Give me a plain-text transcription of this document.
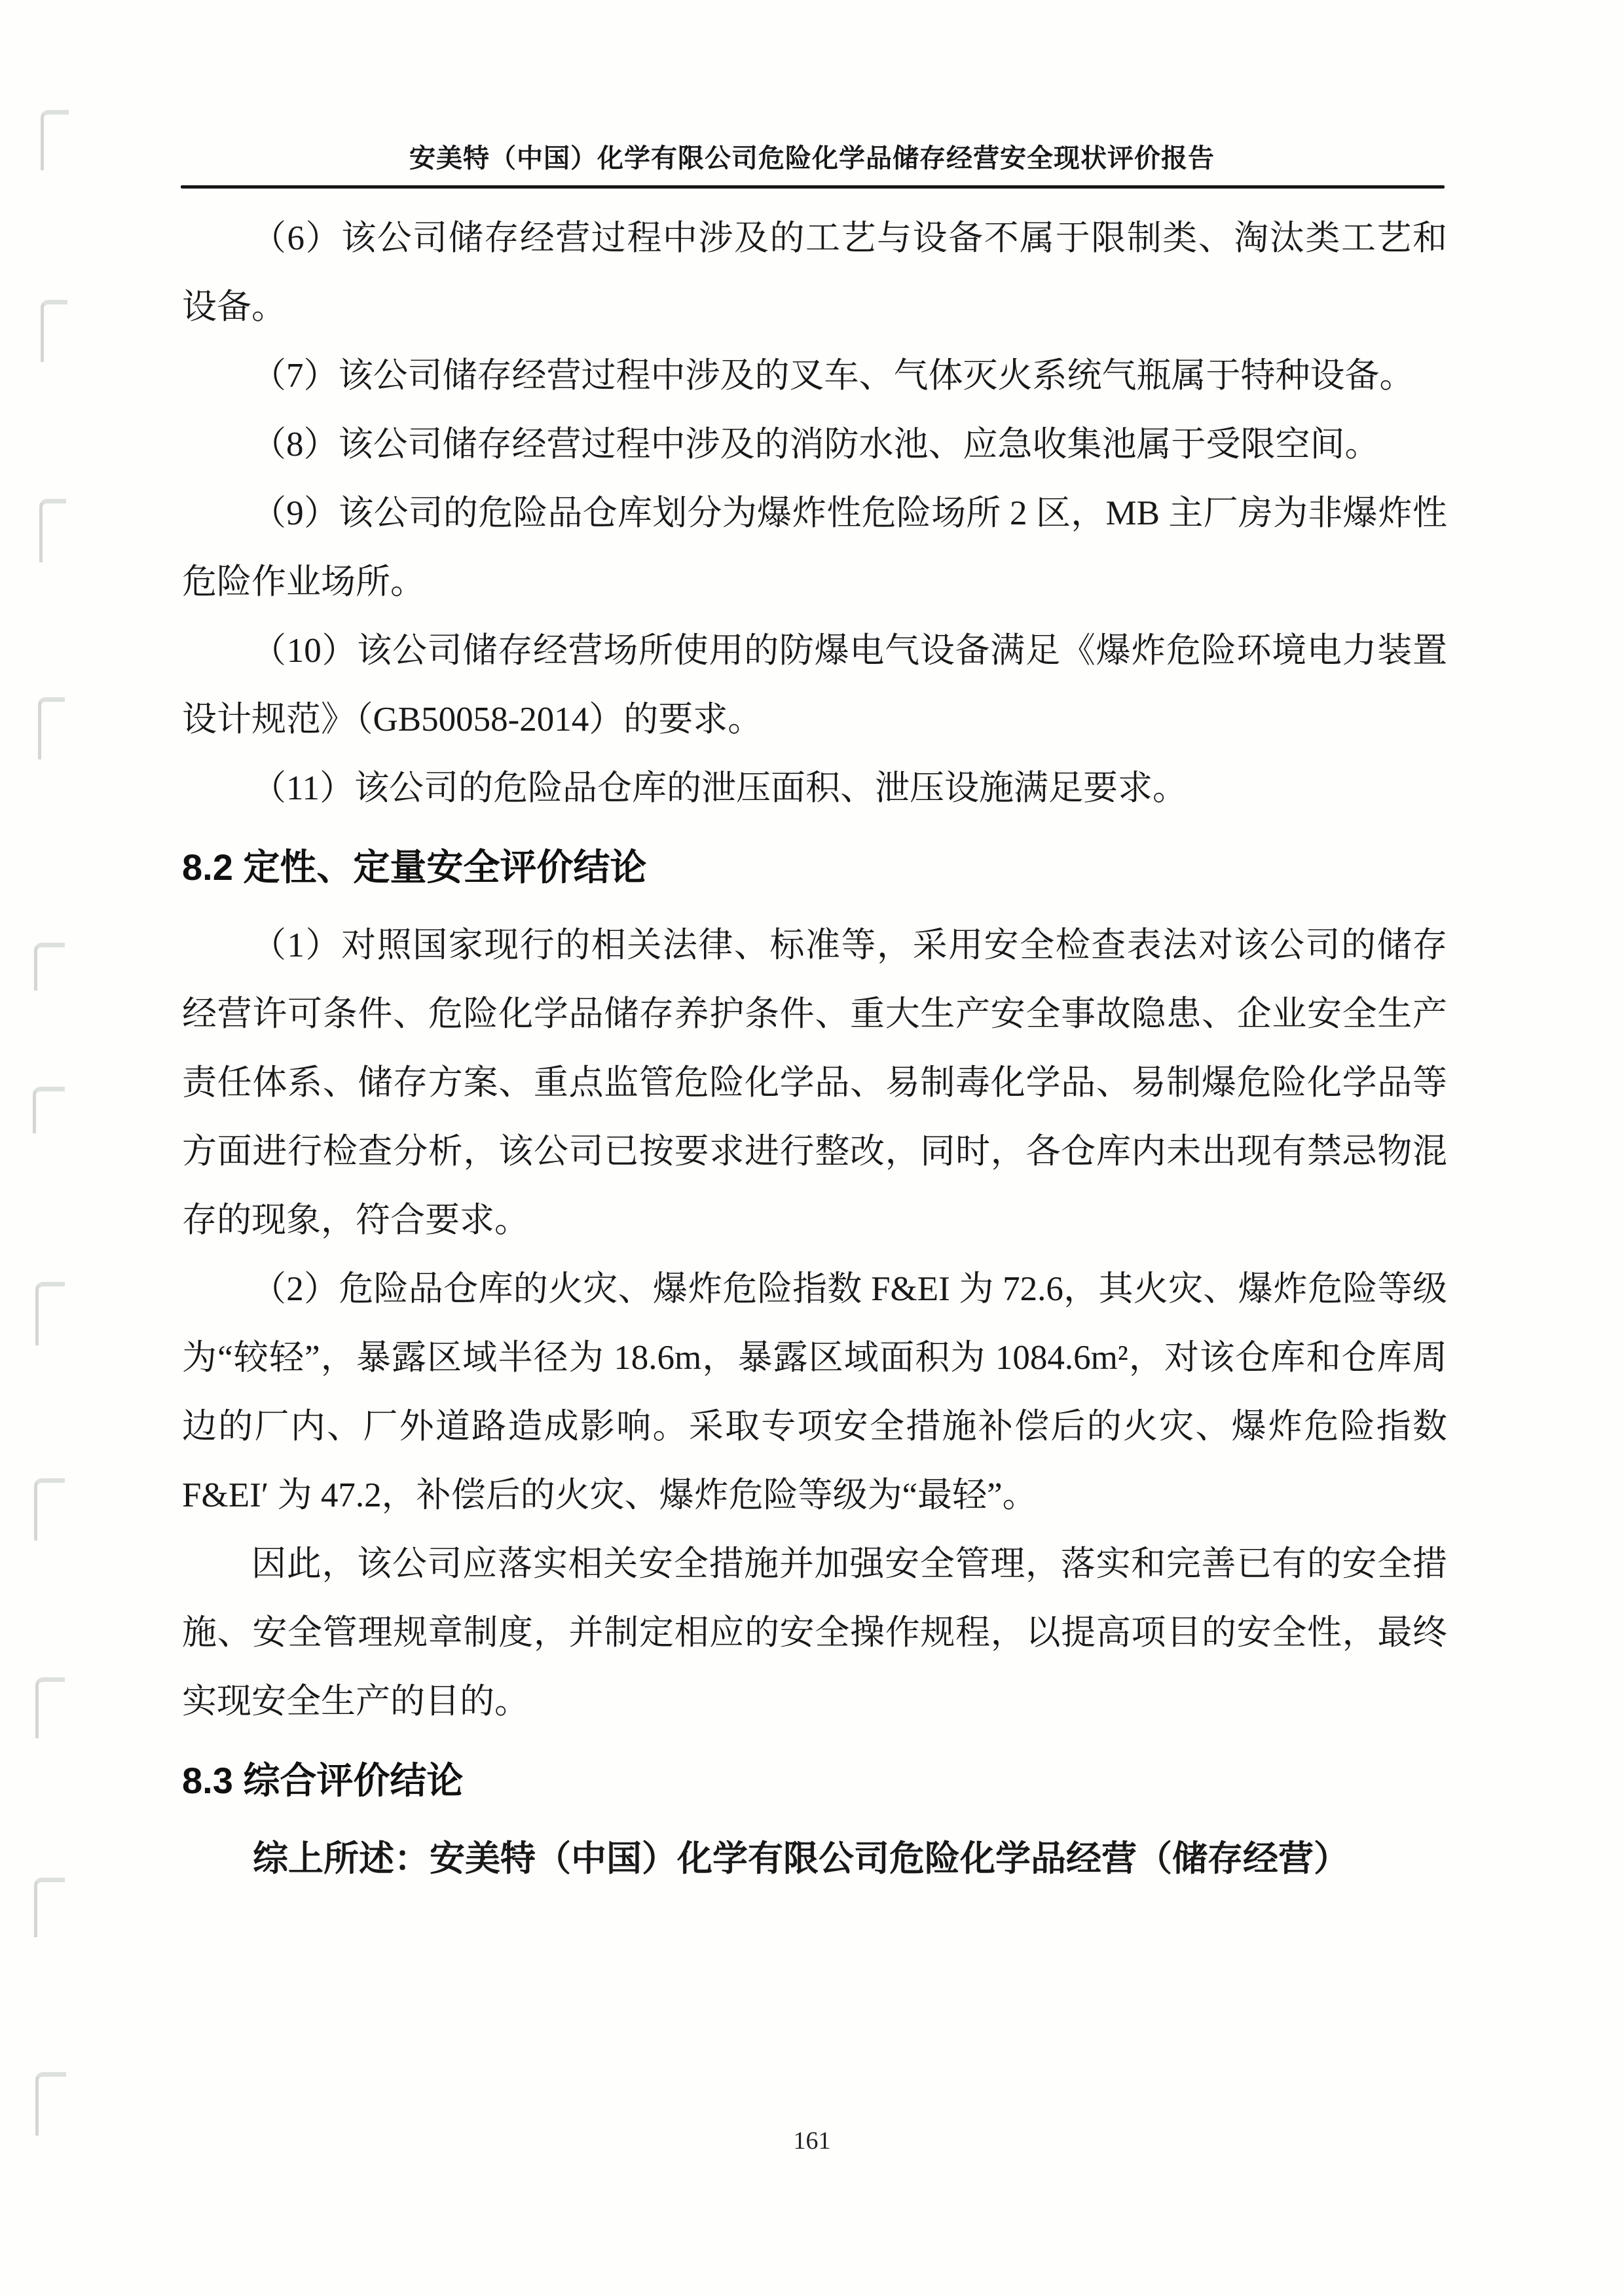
安美特（中国）化学有限公司危险化学品储存经营安全现状评价报告

（6）该公司储存经营过程中涉及的工艺与设备不属于限制类、淘汰类工艺和设备。

（7）该公司储存经营过程中涉及的叉车、气体灭火系统气瓶属于特种设备。

（8）该公司储存经营过程中涉及的消防水池、应急收集池属于受限空间。

（9）该公司的危险品仓库划分为爆炸性危险场所 2 区，MB 主厂房为非爆炸性危险作业场所。

（10）该公司储存经营场所使用的防爆电气设备满足《爆炸危险环境电力装置设计规范》（GB50058-2014）的要求。

（11）该公司的危险品仓库的泄压面积、泄压设施满足要求。

8.2 定性、定量安全评价结论

（1）对照国家现行的相关法律、标准等，采用安全检查表法对该公司的储存经营许可条件、危险化学品储存养护条件、重大生产安全事故隐患、企业安全生产责任体系、储存方案、重点监管危险化学品、易制毒化学品、易制爆危险化学品等方面进行检查分析，该公司已按要求进行整改，同时，各仓库内未出现有禁忌物混存的现象，符合要求。

（2）危险品仓库的火灾、爆炸危险指数 F&EI 为 72.6，其火灾、爆炸危险等级为“较轻”，暴露区域半径为 18.6m，暴露区域面积为 1084.6m²，对该仓库和仓库周边的厂内、厂外道路造成影响。采取专项安全措施补偿后的火灾、爆炸危险指数 F&EI′ 为 47.2，补偿后的火灾、爆炸危险等级为“最轻”。

因此，该公司应落实相关安全措施并加强安全管理，落实和完善已有的安全措施、安全管理规章制度，并制定相应的安全操作规程，以提高项目的安全性，最终实现安全生产的目的。

8.3 综合评价结论

综上所述：安美特（中国）化学有限公司危险化学品经营（储存经营）

161
